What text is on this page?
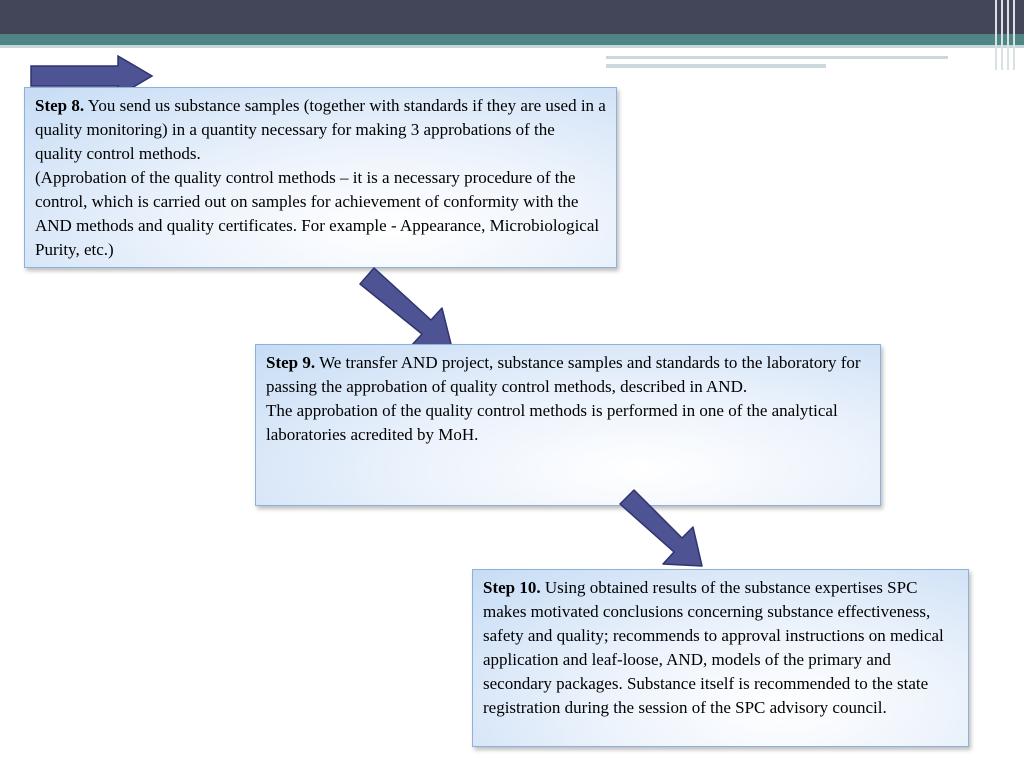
Step 8. You send us substance samples (together with standards if they are used in a quality monitoring) in a quantity necessary for making 3 approbations of the quality control methods.
(Approbation of the quality control methods – it is a necessary procedure of the control, which is carried out on samples for achievement of conformity with the AND methods and quality certificates. For example - Appearance, Microbiological Purity, etc.)
Step 9. We transfer AND project, substance samples and standards to the laboratory for passing the approbation of quality control methods, described in AND.
The approbation of the quality control methods is performed in one of the analytical laboratories acredited by MoH.
Step 10. Using obtained results of the substance expertises SPC makes motivated conclusions concerning substance effectiveness, safety and quality; recommends to approval instructions on medical application and leaf-loose, AND, models of the primary and secondary packages. Substance itself is recommended to the state registration during the session of the SPC advisory council.
